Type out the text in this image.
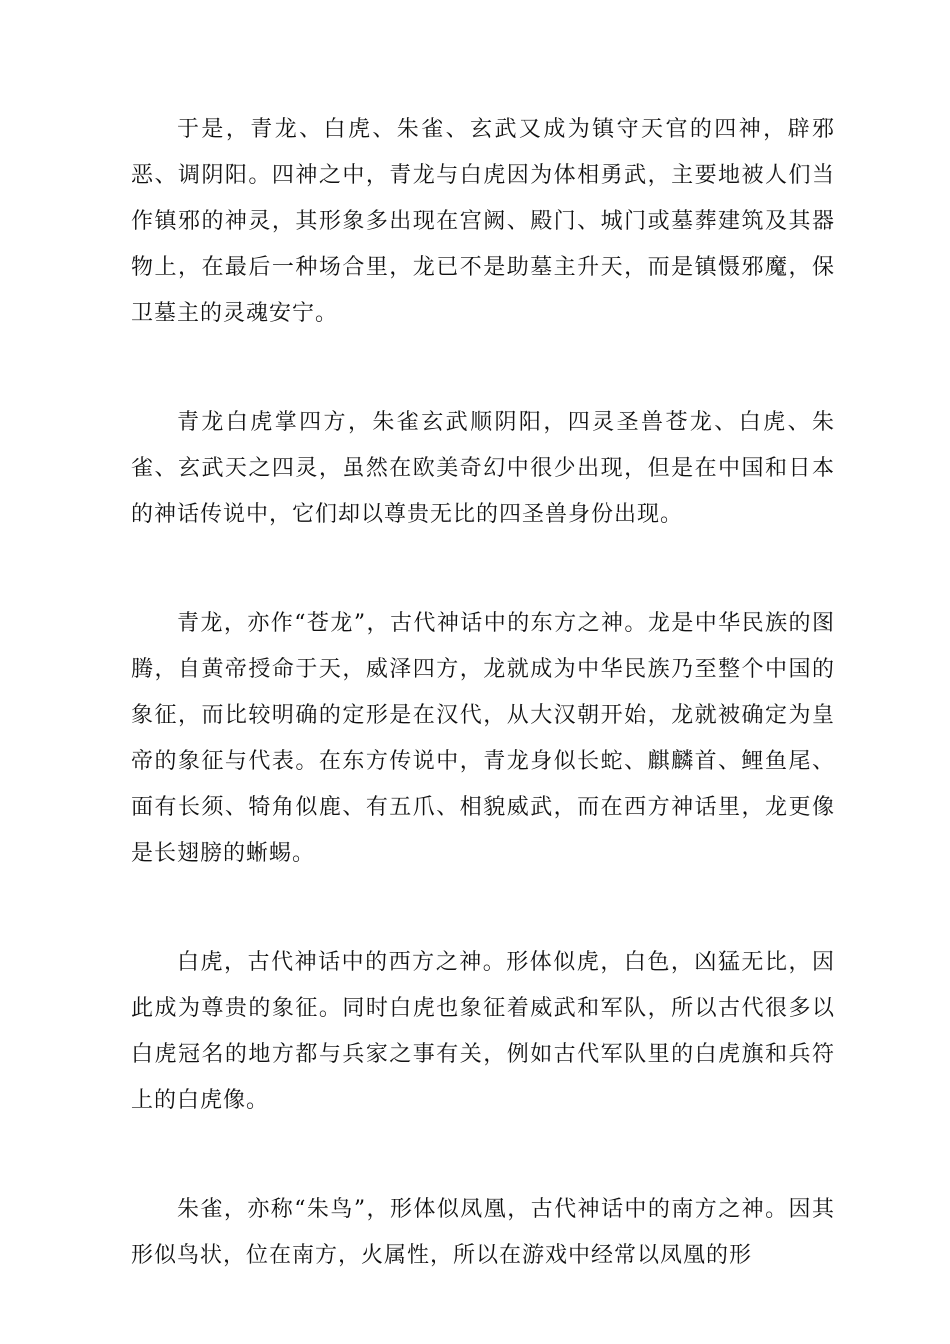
于是，青龙、白虎、朱雀、玄武又成为镇守天官的四神，辟邪恶、调阴阳。四神之中，青龙与白虎因为体相勇武，主要地被人们当作镇邪的神灵，其形象多出现在宫阙、殿门、城门或墓葬建筑及其器物上，在最后一种场合里，龙已不是助墓主升天，而是镇慑邪魔，保卫墓主的灵魂安宁。

青龙白虎掌四方，朱雀玄武顺阴阳，四灵圣兽苍龙、白虎、朱雀、玄武天之四灵，虽然在欧美奇幻中很少出现，但是在中国和日本的神话传说中，它们却以尊贵无比的四圣兽身份出现。

青龙，亦作“苍龙”，古代神话中的东方之神。龙是中华民族的图腾，自黄帝授命于天，威泽四方，龙就成为中华民族乃至整个中国的象征，而比较明确的定形是在汉代，从大汉朝开始，龙就被确定为皇帝的象征与代表。在东方传说中，青龙身似长蛇、麒麟首、鲤鱼尾、面有长须、犄角似鹿、有五爪、相貌威武，而在西方神话里，龙更像是长翅膀的蜥蜴。

白虎，古代神话中的西方之神。形体似虎，白色，凶猛无比，因此成为尊贵的象征。同时白虎也象征着威武和军队，所以古代很多以白虎冠名的地方都与兵家之事有关，例如古代军队里的白虎旗和兵符上的白虎像。

朱雀，亦称“朱鸟”，形体似凤凰，古代神话中的南方之神。因其形似鸟状，位在南方，火属性，所以在游戏中经常以凤凰的形
